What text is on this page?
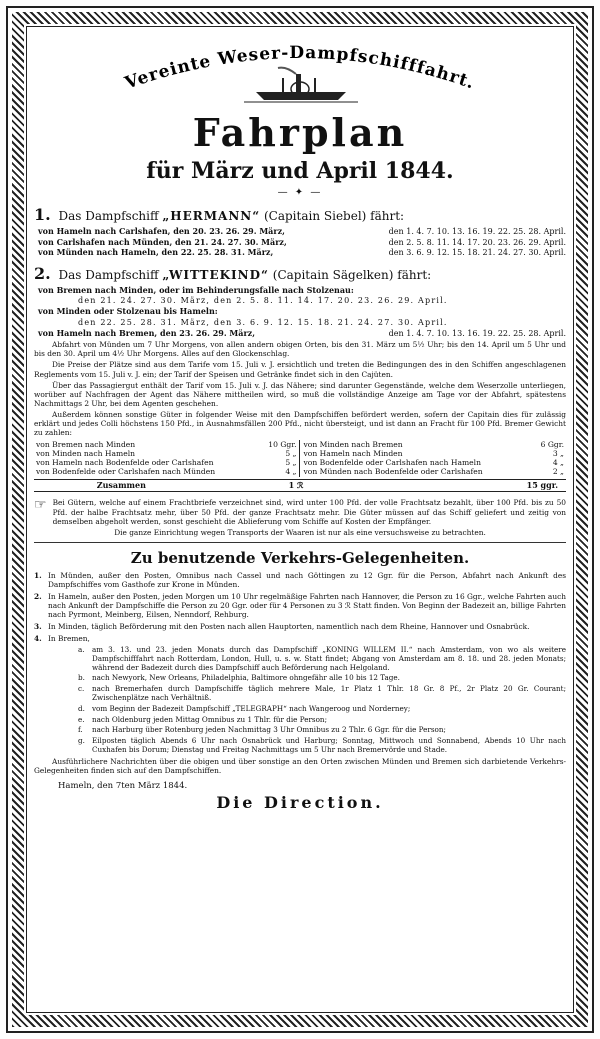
Vereinte Weser-Dampfschifffahrt.
Fahrplan
für März und April 1844.
— ✦ —
1. Das Dampfschiff „HERMANN“ (Capitain Siebel) fährt:
von Hameln nach Carlshafen, den 20. 23. 26. 29. März,	den 1. 4. 7. 10. 13. 16. 19. 22. 25. 28. April.
von Carlshafen nach Münden, den 21. 24. 27. 30. März,	den 2. 5. 8. 11. 14. 17. 20. 23. 26. 29. April.
von Münden nach Hameln, den 22. 25. 28. 31. März,	den 3. 6. 9. 12. 15. 18. 21. 24. 27. 30. April.
2. Das Dampfschiff „WITTEKIND“ (Capitain Sägelken) fährt:
von Bremen nach Minden, oder im Behinderungsfalle nach Stolzenau:
den 21. 24. 27. 30. März, den 2. 5. 8. 11. 14. 17. 20. 23. 26. 29. April.
von Minden oder Stolzenau bis Hameln:
den 22. 25. 28. 31. März, den 3. 6. 9. 12. 15. 18. 21. 24. 27. 30. April.
von Hameln nach Bremen, den 23. 26. 29. März,	den 1. 4. 7. 10. 13. 16. 19. 22. 25. 28. April.
Abfahrt von Münden um 7 Uhr Morgens, von allen andern obigen Orten, bis den 31. März um 5½ Uhr; bis den 14. April um 5 Uhr und bis den 30. April um 4½ Uhr Morgens. Alles auf den Glockenschlag.
Die Preise der Plätze sind aus dem Tarife vom 15. Juli v. J. ersichtlich und treten die Bedingungen des in den Schiffen angeschlagenen Reglements vom 15. Juli v. J. ein; der Tarif der Speisen und Getränke findet sich in den Cajüten.
Über das Passagiergut enthält der Tarif vom 15. Juli v. J. das Nähere; sind darunter Gegenstände, welche dem Weserzolle unterliegen, worüber auf Nachfragen der Agent das Nähere mittheilen wird, so muß die vollständige Anzeige am Tage vor der Abfahrt, spätestens Nachmittags 2 Uhr, bei dem Agenten geschehen.
Außerdem können sonstige Güter in folgender Weise mit den Dampfschiffen befördert werden, sofern der Capitain dies für zulässig erklärt und jedes Colli höchstens 150 Pfd., in Ausnahmsfällen 200 Pfd., nicht übersteigt, und ist dann an Fracht für 100 Pfd. Bremer Gewicht zu zahlen:
von Bremen nach Minden	10 Ggr.		von Minden nach Bremen	6 Ggr.
von Minden nach Hameln	5 „		von Hameln nach Minden	3 „
von Hameln nach Bodenfelde oder Carlshafen	5 „		von Bodenfelde oder Carlshafen nach Hameln	4 „
von Bodenfelde oder Carlshafen nach Münden	4 „		von Münden nach Bodenfelde oder Carlshafen	2 „
Zusammen	1 ℛ	15 ggr.
☞ Bei Gütern, welche auf einem Frachtbriefe verzeichnet sind, wird unter 100 Pfd. der volle Frachtsatz bezahlt, über 100 Pfd. bis zu 50 Pfd. der halbe Frachtsatz mehr, über 50 Pfd. der ganze Frachtsatz mehr. Die Güter müssen auf das Schiff geliefert und zeitig von demselben abgeholt werden, sonst geschieht die Ablieferung vom Schiffe auf Kosten der Empfänger.
Die ganze Einrichtung wegen Transports der Waaren ist nur als eine versuchsweise zu betrachten.
Zu benutzende Verkehrs-Gelegenheiten.
1. In Münden, außer den Posten, Omnibus nach Cassel und nach Göttingen zu 12 Ggr. für die Person, Abfahrt nach Ankunft des Dampfschiffes vom Gasthofe zur Krone in Münden.
2. In Hameln, außer den Posten, jeden Morgen um 10 Uhr regelmäßige Fahrten nach Hannover, die Person zu 16 Ggr., welche Fahrten auch nach Ankunft der Dampfschiffe die Person zu 20 Ggr. oder für 4 Personen zu 3 ℛ Statt finden. Von Beginn der Badezeit an, billige Fahrten nach Pyrmont, Meinberg, Eilsen, Nenndorf, Rehburg.
3. In Minden, täglich Beförderung mit den Posten nach allen Hauptorten, namentlich nach dem Rheine, Hannover und Osnabrück.
4. In Bremen,
a.	am 3. 13. und 23. jeden Monats durch das Dampfschiff „KONING WILLEM II.“ nach Amsterdam, von wo als weitere Dampfschifffahrt nach Rotterdam, London, Hull, u. s. w. Statt findet; Abgang von Amsterdam am 8. 18. und 28. jeden Monats; während der Badezeit durch dies Dampfschiff auch Beförderung nach Helgoland.
b. nach Newyork, New Orleans, Philadelphia, Baltimore ohngefähr alle 10 bis 12 Tage.
c.	nach Bremerhafen durch Dampfschiffe täglich mehrere Male, 1r Platz 1 Thlr. 18 Gr. 8 Pf., 2r Platz 20 Gr. Courant; Zwischenplätze nach Verhältniß.
d. vom Beginn der Badezeit Dampfschiff „TELEGRAPH“ nach Wangeroog und Norderney;
e.	nach Oldenburg jeden Mittag Omnibus zu 1 Thlr. für die Person;
f.	nach Harburg über Rotenburg jeden Nachmittag 3 Uhr Omnibus zu 2 Thlr. 6 Ggr. für die Person;
g. Eilposten täglich Abends 6 Uhr nach Osnabrück und Harburg; Sonntag, Mittwoch und Sonnabend, Abends 10 Uhr nach Cuxhafen bis Dorum; Dienstag und Freitag Nachmittags um 5 Uhr nach Bremervörde und Stade.
Ausführlichere Nachrichten über die obigen und über sonstige an den Orten zwischen Münden und Bremen sich darbietende Verkehrs-Gelegenheiten finden sich auf den Dampfschiffen.
Hameln, den 7ten März 1844.
Die Direction.
